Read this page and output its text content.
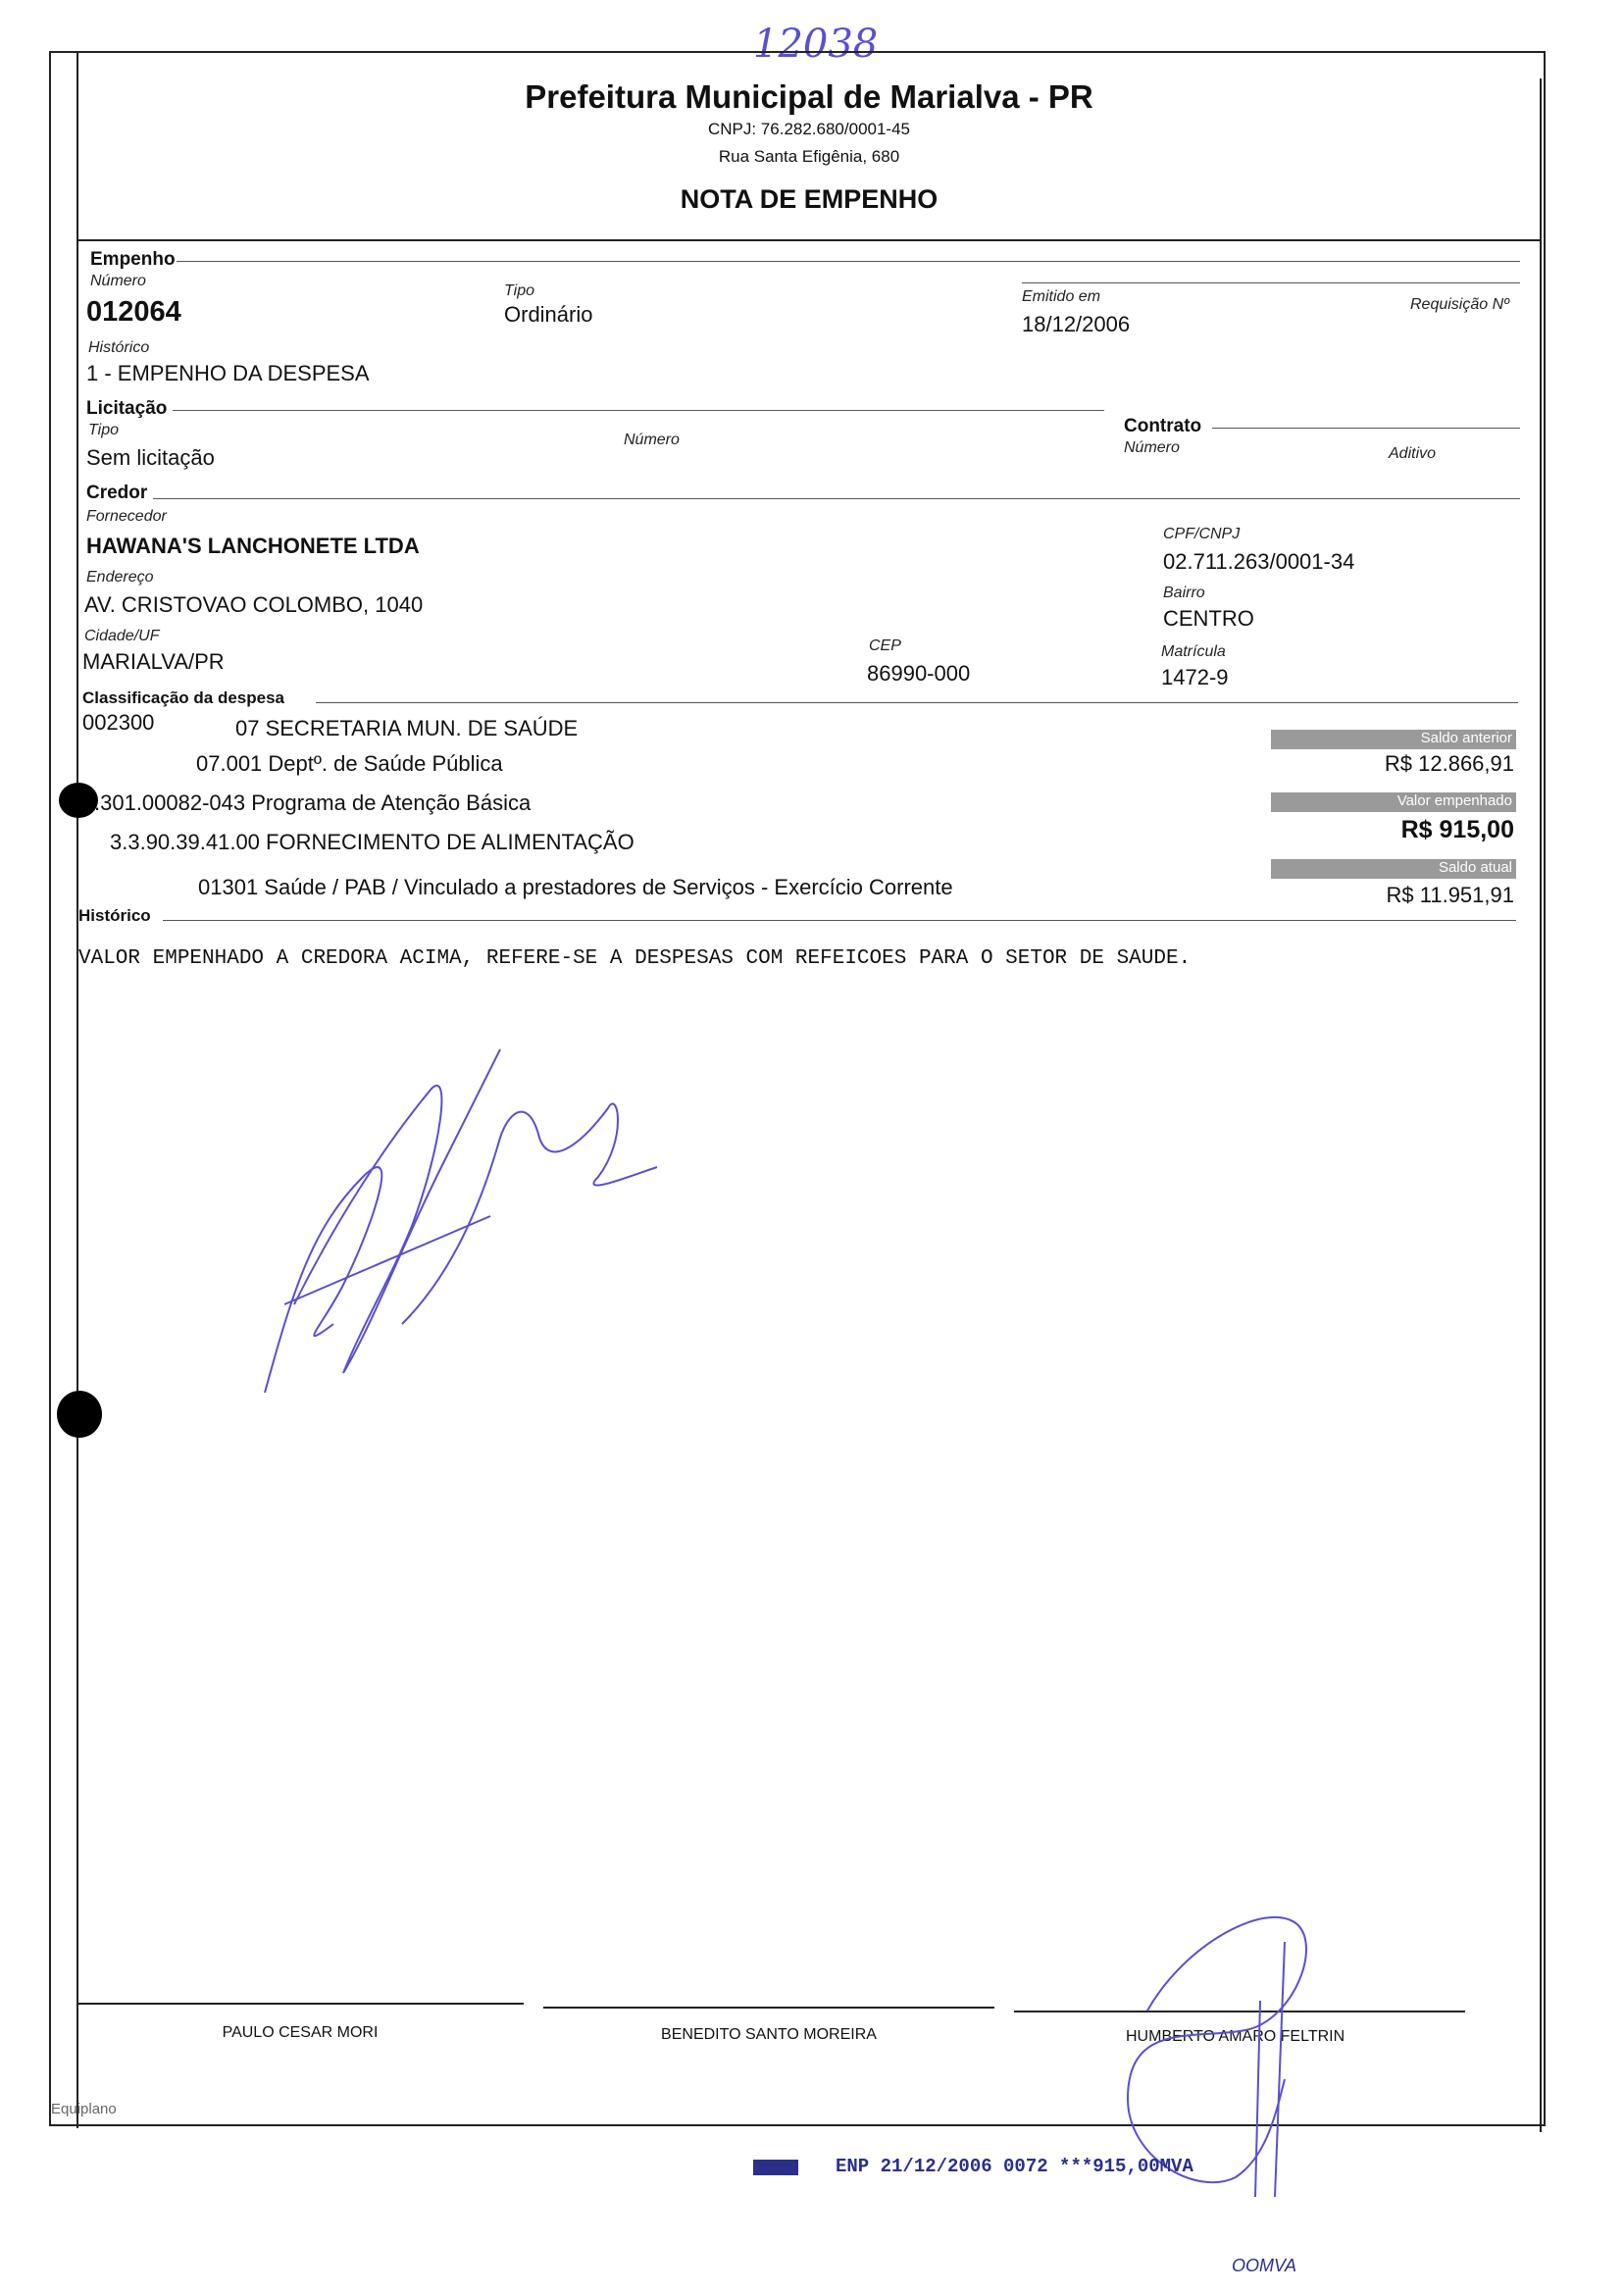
12038
Prefeitura Municipal de Marialva - PR
CNPJ: 76.282.680/0001-45
Rua Santa Efigênia, 680
NOTA DE EMPENHO
Empenho
Número
012064
Tipo
Ordinário
Emitido em
18/12/2006
Requisição Nº
Histórico
1 - EMPENHO DA DESPESA
Licitação
Tipo
Sem licitação
Número
Contrato
Número	Aditivo
Credor
Fornecedor
HAWANA'S LANCHONETE LTDA	CPF/CNPJ
02.711.263/0001-34
Endereço
AV. CRISTOVAO COLOMBO, 1040	Bairro
CENTRO
Cidade/UF
MARIALVA/PR
CEP
86990-000
Matrícula
1472-9
Classificação da despesa
002300	07 SECRETARIA MUN. DE SAÚDE
07.001 Deptº. de Saúde Pública
.301.00082-043 Programa de Atenção Básica
3.3.90.39.41.00 FORNECIMENTO DE ALIMENTAÇÃO
01301 Saúde / PAB / Vinculado a prestadores de Serviços - Exercício Corrente
Saldo anterior
R$ 12.866,91
Valor empenhado
R$ 915,00
Saldo atual
R$ 11.951,91
Histórico
VALOR EMPENHADO A CREDORA ACIMA, REFERE-SE A DESPESAS COM REFEICOES PARA O SETOR DE SAUDE.
PAULO CESAR MORI	BENEDITO SANTO MOREIRA	HUMBERTO AMARO FELTRIN
Equiplano
ENP 21/12/2006 0072 ***915,00MVA
OOMVA
